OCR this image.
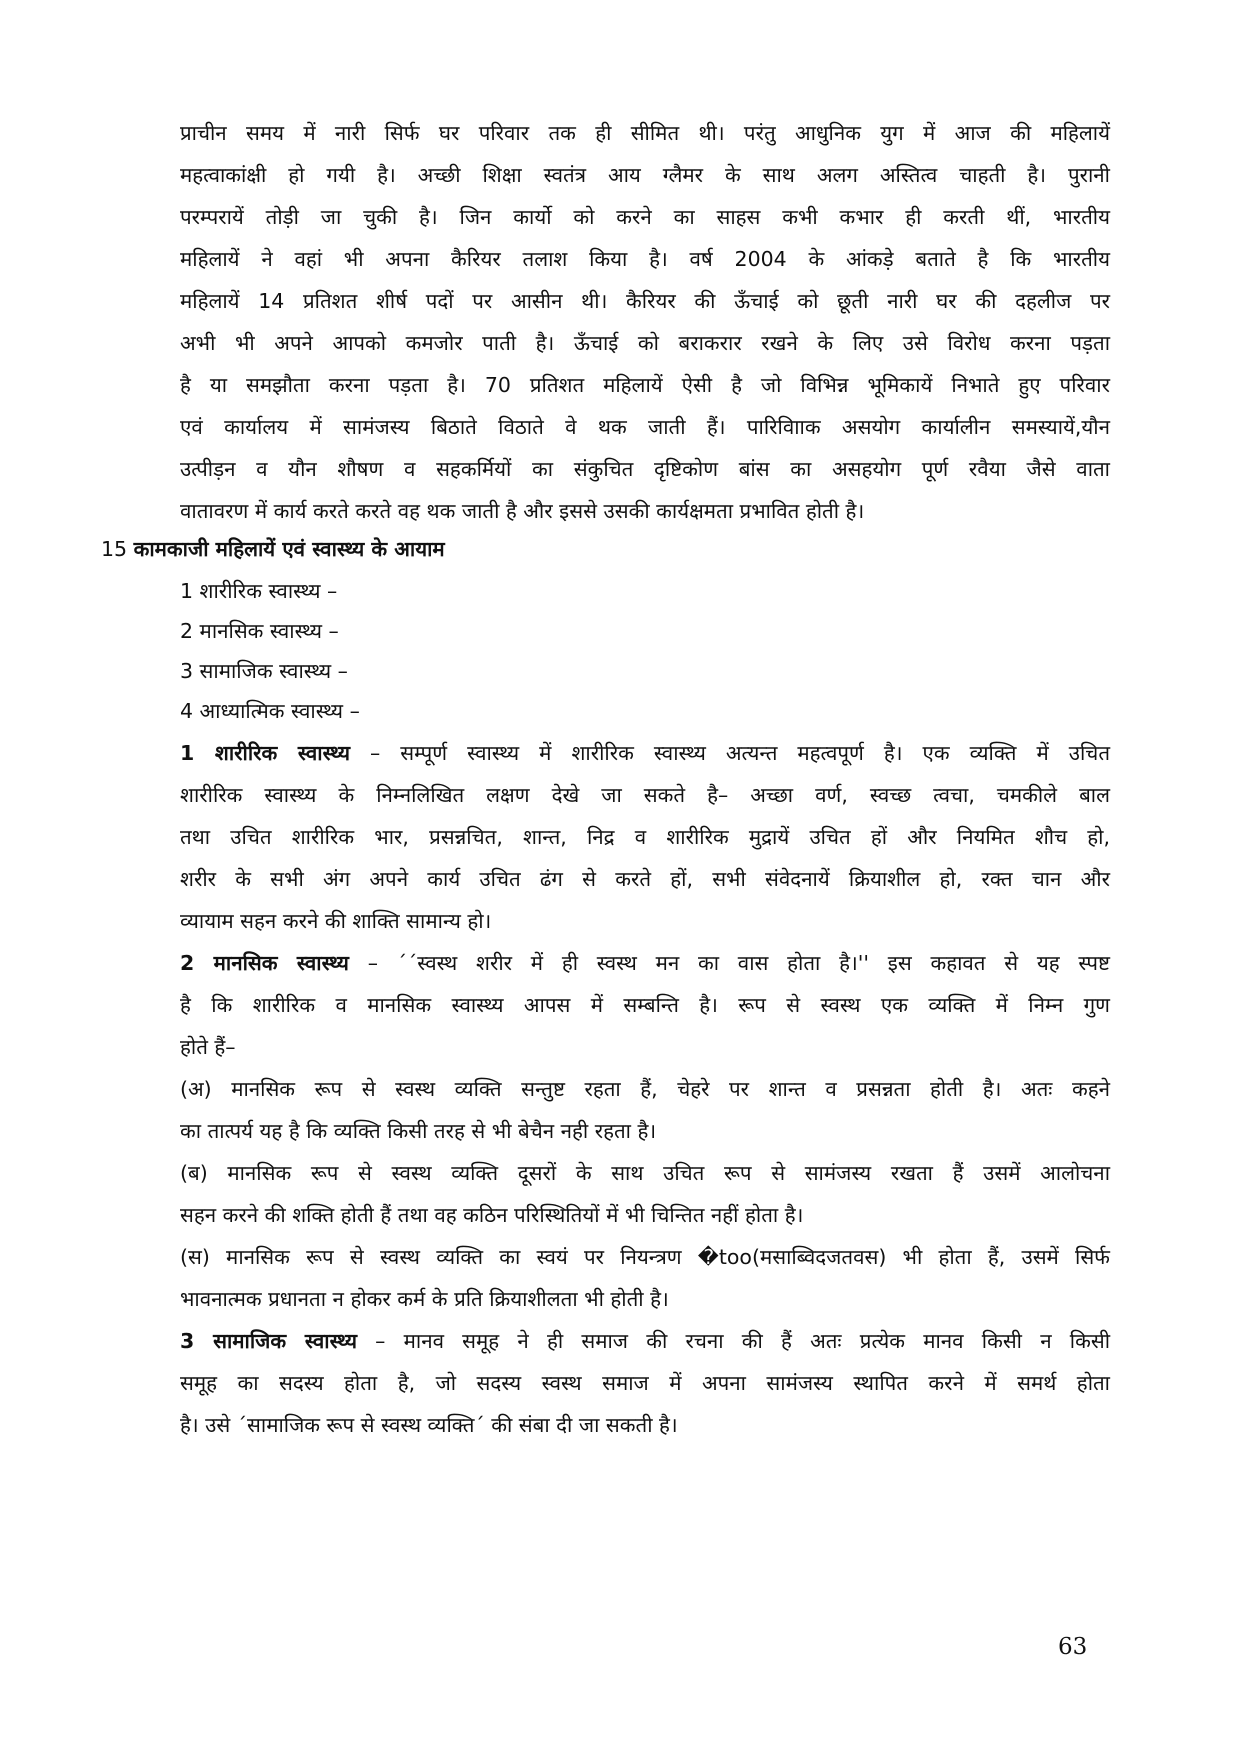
प्राचीन समय में नारी सिर्फ घर परिवार तक ही सीमित थी। परंतु आधुनिक युग में आज की महिलायें
महत्वाकांक्षी हो गयी है। अच्छी शिक्षा स्वतंत्र आय ग्लैमर के साथ अलग अस्तित्व चाहती है। पुरानी
परम्परायें तोड़ी जा चुकी है। जिन कार्यो को करने का साहस कभी कभार ही करती थीं, भारतीय
महिलायें ने वहां भी अपना कैरियर तलाश किया है। वर्ष 2004 के आंकड़े बताते है कि भारतीय
महिलायें 14 प्रतिशत शीर्ष पदों पर आसीन थी। कैरियर की ऊँचाई को छूती नारी घर की दहलीज पर
अभी भी अपने आपको कमजोर पाती है। ऊँचाई को बराकरार रखने के लिए उसे विरोध करना पड़ता
है या समझौता करना पड़ता है। 70 प्रतिशत महिलायें ऐसी है जो विभिन्न भूमिकायें निभाते हुए परिवार
एवं कार्यालय में सामंजस्य बिठाते विठाते वे थक जाती हैं। पारिवाािक असयोग कार्यालीन समस्यायें,यौन
उत्पीड़न व यौन शौषण व सहकर्मियों का संकुचित दृष्टिकोण बांस का असहयोग पूर्ण रवैया जैसे वाता
वातावरण में कार्य करते करते वह थक जाती है और इससे उसकी कार्यक्षमता प्रभावित होती है।
15 कामकाजी महिलायें एवं स्वास्थ्य के आयाम
1 शारीरिक स्वास्थ्य –
2 मानसिक स्वास्थ्य –
3 सामाजिक स्वास्थ्य –
4 आध्यात्मिक स्वास्थ्य –
1 शारीरिक स्वास्थ्य – सम्पूर्ण स्वास्थ्य में शारीरिक स्वास्थ्य अत्यन्त महत्वपूर्ण है। एक व्यक्ति में उचित
शारीरिक स्वास्थ्य के निम्नलिखित लक्षण देखे जा सकते है– अच्छा वर्ण, स्वच्छ त्वचा, चमकीले बाल
तथा उचित शारीरिक भार, प्रसन्नचित, शान्त, निद्र व शारीरिक मुद्रायें उचित हों और नियमित शौच हो,
शरीर के सभी अंग अपने कार्य उचित ढंग से करते हों, सभी संवेदनायें क्रियाशील हो, रक्त चान और
व्यायाम सहन करने की शाक्ति सामान्य हो।
2 मानसिक स्वास्थ्य – ´´स्वस्थ शरीर में ही स्वस्थ मन का वास होता है।'' इस कहावत से यह स्पष्ट
है कि शारीरिक व मानसिक स्वास्थ्य आपस में सम्बन्ति है। रूप से स्वस्थ एक व्यक्ति में निम्न गुण
होते हैं–
(अ) मानसिक रूप से स्वस्थ व्यक्ति सन्तुष्ट रहता हैं, चेहरे पर शान्त व प्रसन्नता होती है। अतः कहने
का तात्पर्य यह है कि व्यक्ति किसी तरह से भी बेचैन नही रहता है।
(ब) मानसिक रूप से स्वस्थ व्यक्ति दूसरों के साथ उचित रूप से सामंजस्य रखता हैं उसमें आलोचना
सहन करने की शक्ति होती हैं तथा वह कठिन परिस्थितियों में भी चिन्तित नहीं होता है।
(स) मानसिक रूप से स्वस्थ व्यक्ति का स्वयं पर नियन्त्रण �too(मसाब्विदजतवस) भी होता हैं, उसमें सिर्फ
भावनात्मक प्रधानता न होकर कर्म के प्रति क्रियाशीलता भी होती है।
3 सामाजिक स्वास्थ्य – मानव समूह ने ही समाज की रचना की हैं अतः प्रत्येक मानव किसी न किसी
समूह का सदस्य होता है, जो सदस्य स्वस्थ समाज में अपना सामंजस्य स्थापित करने में समर्थ होता
है। उसे ´सामाजिक रूप से स्वस्थ व्यक्ति´ की संबा दी जा सकती है।
63
